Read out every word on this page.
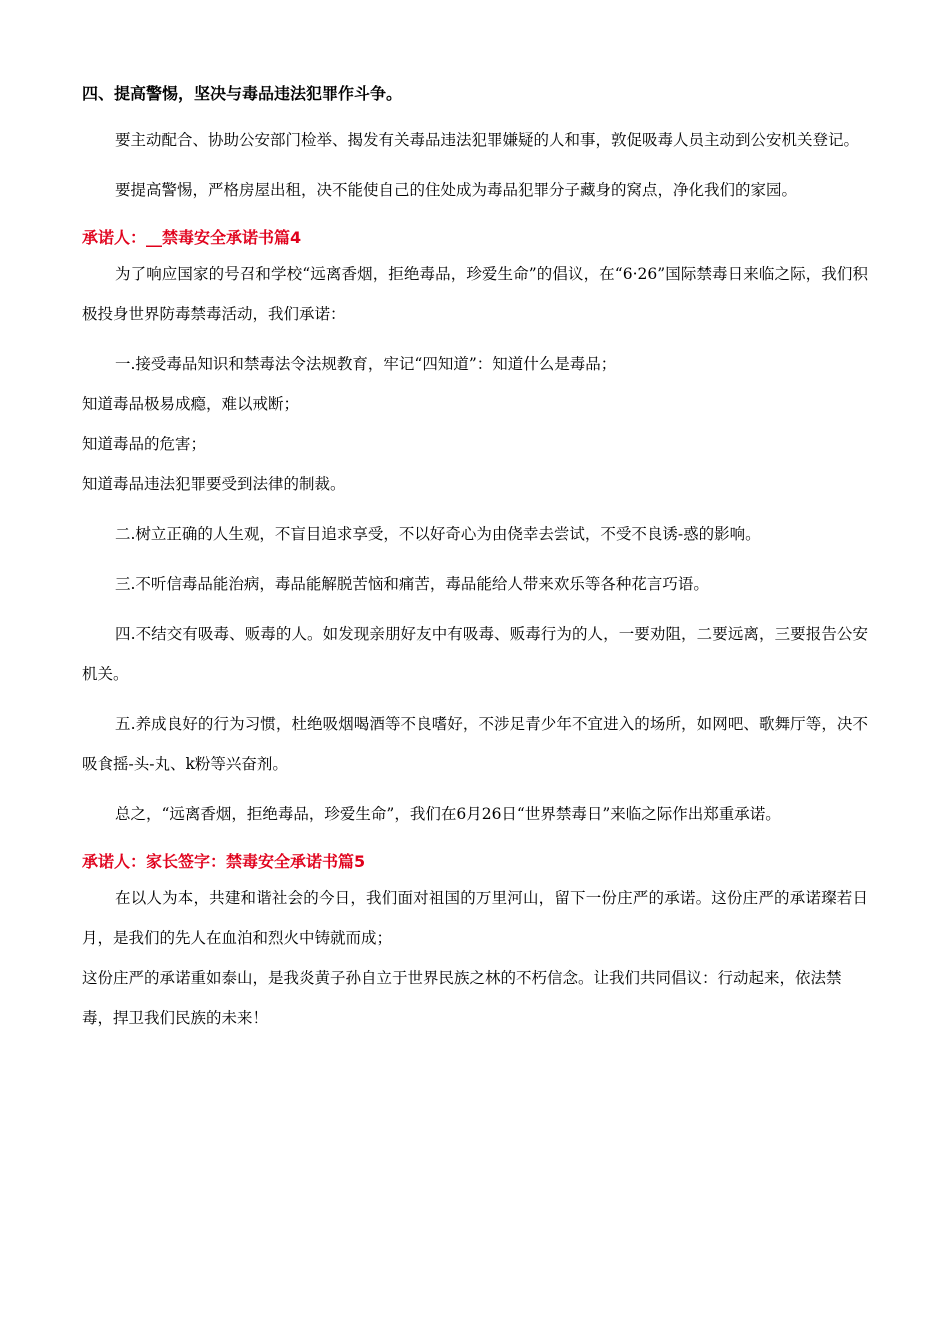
四、提高警惕，坚决与毒品违法犯罪作斗争。

要主动配合、协助公安部门检举、揭发有关毒品违法犯罪嫌疑的人和事，敦促吸毒人员主动到公安机关登记。

要提高警惕，严格房屋出租，决不能使自己的住处成为毒品犯罪分子藏身的窝点，净化我们的家园。

承诺人：__禁毒安全承诺书篇4

为了响应国家的号召和学校“远离香烟，拒绝毒品，珍爱生命”的倡议，在“6·26”国际禁毒日来临之际，我们积极投身世界防毒禁毒活动，我们承诺：

一.接受毒品知识和禁毒法令法规教育，牢记“四知道”：知道什么是毒品；

知道毒品极易成瘾，难以戒断；

知道毒品的危害；

知道毒品违法犯罪要受到法律的制裁。

二.树立正确的人生观，不盲目追求享受，不以好奇心为由侥幸去尝试，不受不良诱-惑的影响。

三.不听信毒品能治病，毒品能解脱苦恼和痛苦，毒品能给人带来欢乐等各种花言巧语。

四.不结交有吸毒、贩毒的人。如发现亲朋好友中有吸毒、贩毒行为的人，一要劝阻，二要远离，三要报告公安机关。

五.养成良好的行为习惯，杜绝吸烟喝酒等不良嗜好，不涉足青少年不宜进入的场所，如网吧、歌舞厅等，决不吸食摇-头-丸、k粉等兴奋剂。

总之，“远离香烟，拒绝毒品，珍爱生命”，我们在6月26日“世界禁毒日”来临之际作出郑重承诺。

承诺人：家长签字：禁毒安全承诺书篇5

在以人为本，共建和谐社会的今日，我们面对祖国的万里河山，留下一份庄严的承诺。这份庄严的承诺璨若日月，是我们的先人在血泊和烈火中铸就而成；

这份庄严的承诺重如泰山，是我炎黄子孙自立于世界民族之林的不朽信念。让我们共同倡议：行动起来，依法禁毒，捍卫我们民族的未来！
